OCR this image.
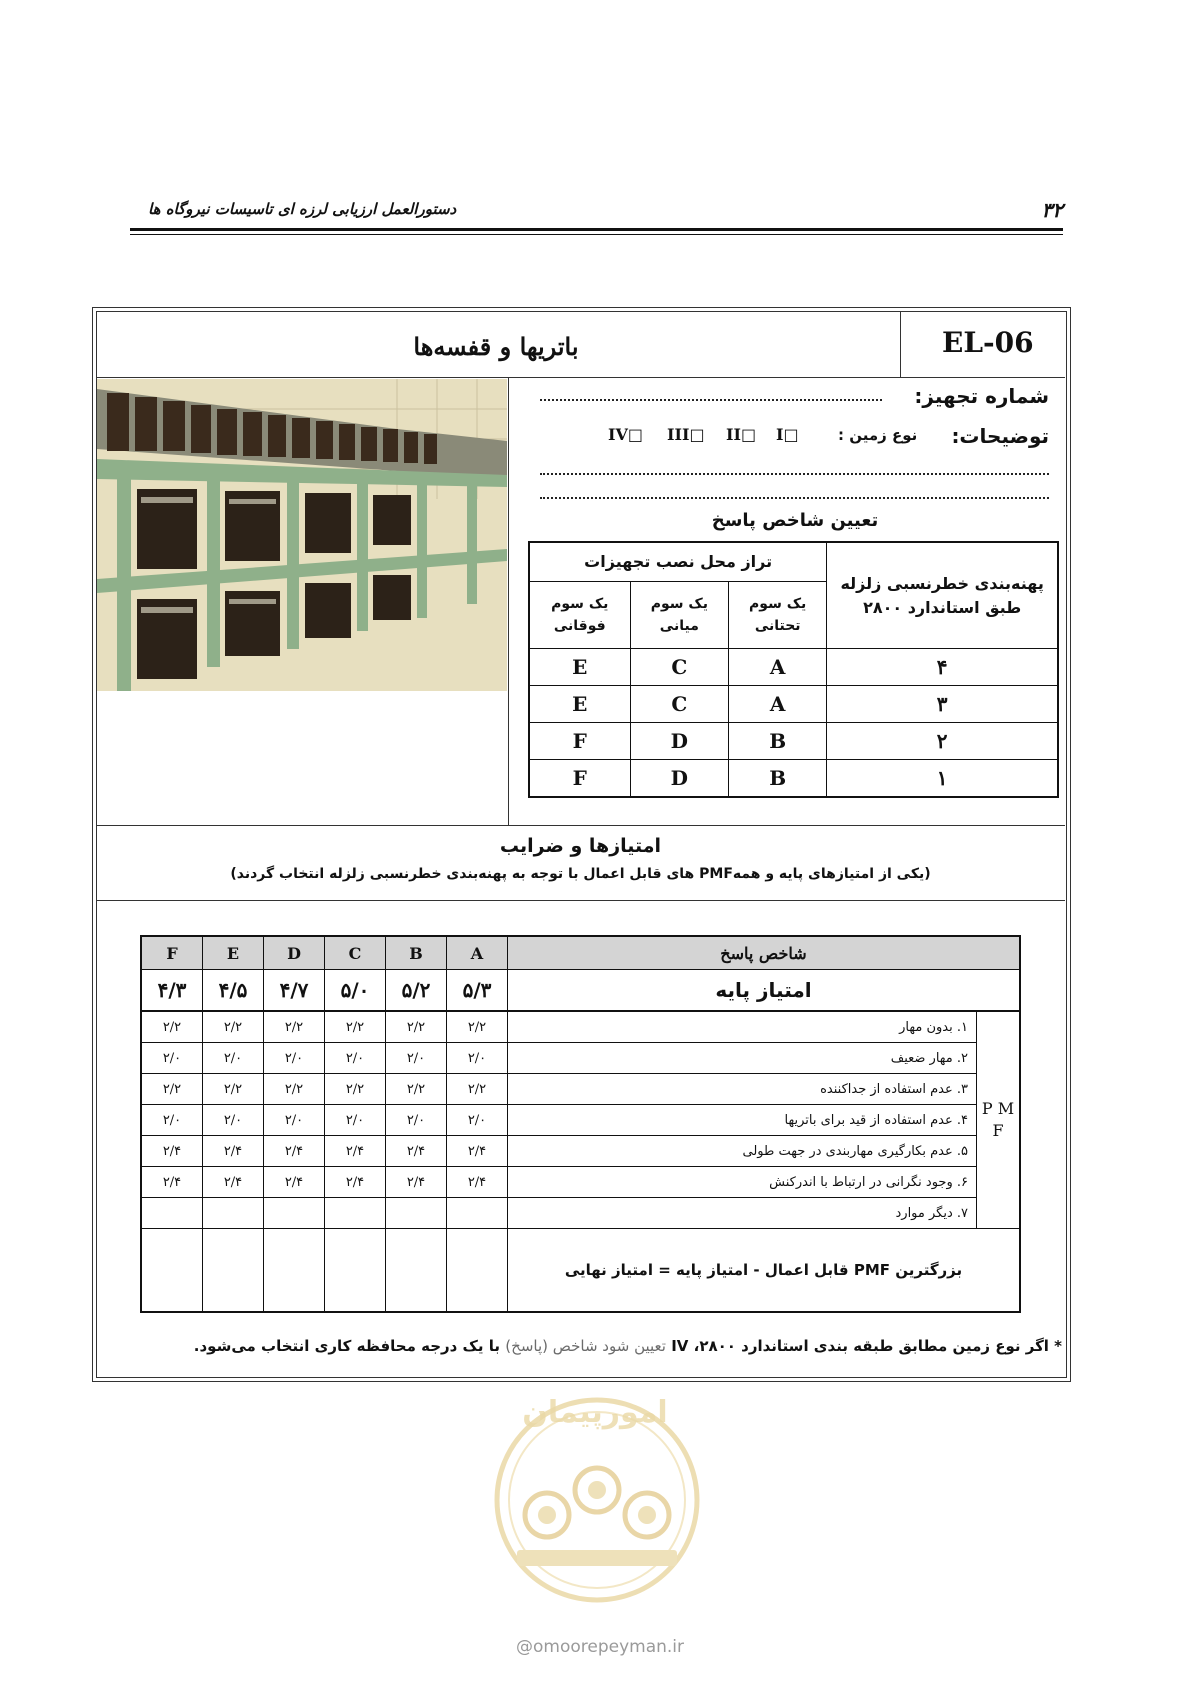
۳۲
دستورالعمل ارزیابی لرزه ای تاسیسات نیروگاه ها
EL-06
باتریها و قفسه‌ها
شماره تجهیز:
توضیحات:
نوع زمین :
I□
II□
III□
IV□
تعیین شاخص پاسخ
تراز محل نصب تجهیزات			پهنه‌بندی خطرنسبی زلزله طبق استاندارد ۲۸۰۰
یک سوم فوقانی	یک سوم میانی	یک سوم تحتانی	
E	C	A	۴
E	C	A	۳
F	D	B	۲
F	D	B	۱
امتیازها و ضرایب
(یکی از امتیازهای پایه و همهPMF های قابل اعمال با توجه به پهنه‌بندی خطرنسبی زلزله انتخاب گردند)
F	E	D	C	B	A	شاخص پاسخ	
۴/۳	۴/۵	۴/۷	۵/۰	۵/۲	۵/۳	امتیاز پایه	
۲/۲	۲/۲	۲/۲	۲/۲	۲/۲	۲/۲	۱. بدون مهار	P M F
۲/۰	۲/۰	۲/۰	۲/۰	۲/۰	۲/۰	۲. مهار ضعیف	
۲/۲	۲/۲	۲/۲	۲/۲	۲/۲	۲/۲	۳. عدم استفاده از جداکننده	
۲/۰	۲/۰	۲/۰	۲/۰	۲/۰	۲/۰	۴. عدم استفاده از قید برای باتریها	
۲/۴	۲/۴	۲/۴	۲/۴	۲/۴	۲/۴	۵. عدم بکارگیری مهاربندی در جهت طولی	
۲/۴	۲/۴	۲/۴	۲/۴	۲/۴	۲/۴	۶. وجود نگرانی در ارتباط با اندرکنش	
						۷. دیگر موارد	
						بزرگترین PMF قابل اعمال - امتیاز پایه = امتیاز نهایی	
* اگر نوع زمین مطابق طبقه بندی استاندارد ۲۸۰۰، IV تعیین شود شاخص (پاسخ) با یک درجه محافظه کاری انتخاب می‌شود.
امورپیمان
@omoorepeyman.ir
